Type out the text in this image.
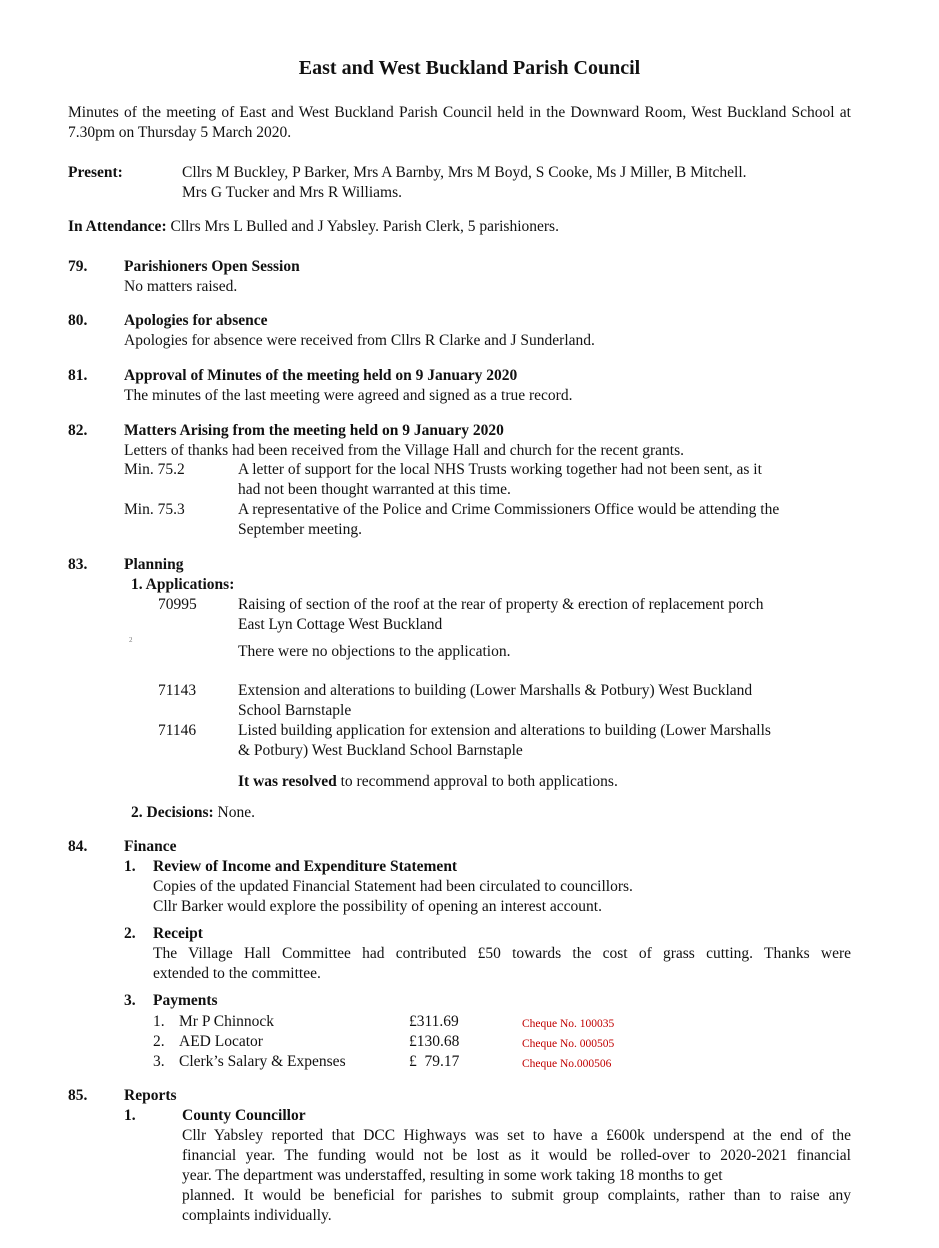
East and West Buckland Parish Council
Minutes of the meeting of East and West Buckland Parish Council held in the Downward Room, West Buckland School at 7.30pm on Thursday 5 March 2020.
Present:	Cllrs M Buckley, P Barker, Mrs A Barnby, Mrs M Boyd, S Cooke, Ms J Miller, B Mitchell.
Mrs G Tucker and Mrs R Williams.
In Attendance: Cllrs Mrs L Bulled and J Yabsley. Parish Clerk, 5 parishioners.
79. Parishioners Open Session
No matters raised.
80. Apologies for absence
Apologies for absence were received from Cllrs R Clarke and J Sunderland.
81. Approval of Minutes of the meeting held on 9 January 2020
The minutes of the last meeting were agreed and signed as a true record.
82. Matters Arising from the meeting held on 9 January 2020
Letters of thanks had been received from the Village Hall and church for the recent grants.
Min. 75.2	A letter of support for the local NHS Trusts working together had not been sent, as it
had not been thought warranted at this time.
Min. 75.3	A representative of the Police and Crime Commissioners Office would be attending the
September meeting.
83. Planning
1. Applications:
70995	Raising of section of the roof at the rear of property & erection of replacement porch
East Lyn Cottage West Buckland
2
There were no objections to the application.
71143	Extension and alterations to building (Lower Marshalls & Potbury) West Buckland
School Barnstaple
71146	Listed building application for extension and alterations to building (Lower Marshalls
& Potbury) West Buckland School Barnstaple
It was resolved to recommend approval to both applications.
2. Decisions: None.
84. Finance
1. Review of Income and Expenditure Statement
Copies of the updated Financial Statement had been circulated to councillors.
Cllr Barker would explore the possibility of opening an interest account.
2. Receipt
The Village Hall Committee had contributed £50 towards the cost of grass cutting. Thanks were
extended to the committee.
3. Payments
1. Mr P Chinnock	£311.69	Cheque No. 100035
2. AED Locator	£130.68	Cheque No. 000505
3. Clerk’s Salary & Expenses	£  79.17	Cheque No.000506
85. Reports
1.	County Councillor
Cllr Yabsley reported that DCC Highways was set to have a £600k underspend at the end of the
financial year. The funding would not be lost as it would be rolled-over to 2020-2021 financial
year. The department was understaffed, resulting in some work taking 18 months to get
planned. It would be beneficial for parishes to submit group complaints, rather than to raise any
complaints individually.
